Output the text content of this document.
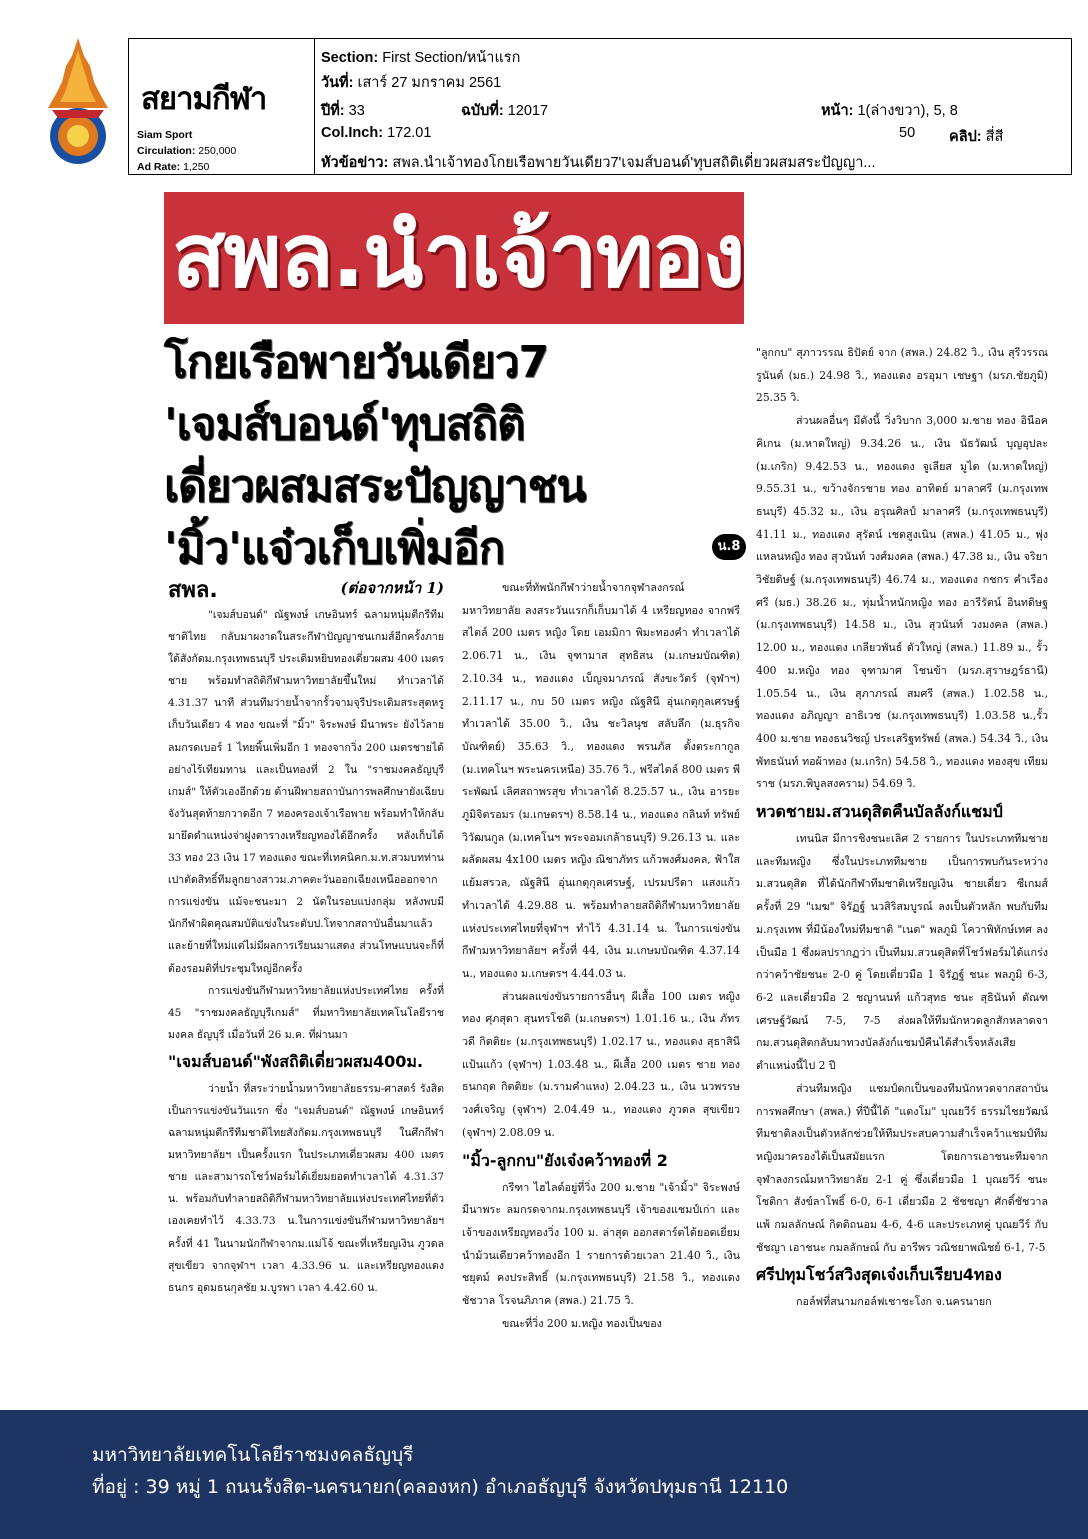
สยามกีฬา
Siam Sport
Circulation: 250,000
Ad Rate: 1,250
Section: First Section/หน้าแรก
วันที่: เสาร์ 27 มกราคม 2561
ปีที่: 33	ฉบับที่: 12017	หน้า: 1(ล่างขวา), 5, 8
Col.Inch: 172.01	50 คลิป: สี่สี
หัวข้อข่าว: สพล.นำเจ้าทองโกยเรือพายวันเดียว7'เจมส์บอนด์'ทุบสถิติเดี่ยวผสมสระปัญญา...
สพล.นำเจ้าทอง
โกยเรือพายวันเดียว7
'เจมส์บอนด์'ทุบสถิติ
เดี่ยวผสมสระปัญญาชน
'มิ้ว'แจ๋วเก็บเพิ่มอีก	น.8
สพล.	(ต่อจากหน้า 1)

"เจมส์บอนด์" ณัฐพงษ์ เกษอินทร์ ฉลามหนุ่มตีกรีทีมชาติไทย กลับมาผงาดในสระกีฬาปัญญาชนเกมส์อีกครั้งภายใต้สังกัดม.กรุงเทพธนบุรี ประเดิมหยิบทองเดี่ยวผสม 400 เมตรชาย พร้อมทำสถิติกีฬามหาวิทยาลัยขึ้นใหม่ ทำเวลาได้ 4.31.37 นาที ส่วนทีมว่ายน้ำจากรั้วจามจุรีประเดิมสระสุดหรูเก็บวันเดียว 4 ทอง ขณะที่ "มิ้ว" จิระพงษ์ มีนาพระ ยังไว้ลายลมกรดเบอร์ 1 ไทยพิ้นเพิ่มอีก 1 ทองจากวิ่ง 200 เมตรชายได้อย่างไร้เทียมทาน และเป็นทองที่ 2 ใน "ราชมงคลธัญบุรีเกมส์" ให้ตัวเองอีกด้วย ด้านฝีพายสถาบันการพลศึกษายังเฉียบจังวันสุดท้ายกวาดอีก 7 ทองครองเจ้าเรือพาย พร้อมทำให้กลับมายึดตำแหน่งจ่าฝูงตารางเหรียญทองได้อีกครั้ง หลังเก็บได้ 33 ทอง 23 เงิน 17 ทองแดง ขณะที่เทคนิคก.ม.ท.สวมบทท่านเปาตัดสิทธิ์ทีมลูกยางสาวม.ภาคตะวันออกเฉียงเหนือออกจากการแข่งขัน แม้จะชนะมา 2 นัดในรอบแบ่งกลุ่ม หลังพบมีนักกีฬาผิดคุณสมบัติแข่งในระดับป.โทจากสถาบันอื่นมาแล้ว และย้ายที่ใหม่แต่ไม่มีผลการเรียนมาแสดง ส่วนโทษแบนจะก็ที่ต้องรอมติที่ประชุมใหญ่อีกครั้ง

การแข่งขันกีฬามหาวิทยาลัยแห่งประเทศไทย ครั้งที่ 45 "ราชมงคลธัญบุรีเกมส์" ที่มหาวิทยาลัยเทคโนโลยีราชมงคล ธัญบุรี เมื่อวันที่ 26 ม.ค. ที่ผ่านมา

"เจมส์บอนด์"พังสถิติเดี่ยวผสม400ม.

ว่ายน้ำ ที่สระว่ายน้ำมหาวิทยาลัยธรรม-ศาสตร์ รังสิต เป็นการแข่งขันวันแรก ซึ่ง "เจมส์บอนด์" ณัฐพงษ์ เกษอินทร์ ฉลามหนุ่มตีกรีทีมชาติไทยสังกัดม.กรุงเทพธนบุรี ในศึกกีฬามหาวิทยาลัยฯ เป็นครั้งแรก ในประเภทเดี่ยวผสม 400 เมตรชาย และสามารถโชว์ฟอร์มได้เยี่ยมยอดทำเวลาได้ 4.31.37 น. พร้อมกับทำลายสถิติกีฬามหาวิทยาลัยแห่งประเทศไทยที่ตัวเองเคยทำไว้ 4.33.73 น.ในการแข่งขันกีฬามหาวิทยาลัยฯ ครั้งที่ 41 ในนามนักกีฬาจากม.แม่โจ้ ขณะที่เหรียญเงิน ภูวดล สุขเขียว จากจุฬาฯ เวลา 4.33.96 น. และเหรียญทองแดง ธนกร อุดมธนกุลชัย ม.บูรพา เวลา 4.42.60 น.

ขณะที่ทัพนักกีฬาว่ายน้ำจากจุฬาลงกรณ์มหาวิทยาลัย ลงสระวันแรกก็เก็บมาได้ 4 เหรียญทอง จากฟรีสไตล์ 200 เมตร หญิง โดย เอมมิกา พิมะทองคำ ทำเวลาได้ 2.06.71 น., เงิน จุฑามาส สุทธิสน (ม.เกษมบัณฑิต) 2.10.34 น., ทองแดง เบ็ญจมาภรณ์ สังขะวัตร์ (จุฬาฯ) 2.11.17 น., กบ 50 เมตร หญิง ณัฐสินี อุ่นเกตุกุลเศรษฐ์ ทำเวลาได้ 35.00 วิ., เงิน ชะวิลนุช สลับลึก (ม.ธุรกิจบัณฑิตย์) 35.63 วิ., ทองแดง พรนภัส ตั้งตระกากูล (ม.เทคโนฯ พระนครเหนือ) 35.76 วิ., ฟรีสไตล์ 800 เมตร พีระพัฒน์ เลิศสถาพรสุข ทำเวลาได้ 8.25.57 น., เงิน อารยะ ภูมิจิตรอมร (ม.เกษตรฯ) 8.58.14 น., ทองแดง กลินท์ ทรัพย์วิวัฒนกูล (ม.เทคโนฯ พระจอมเกล้าธนบุรี) 9.26.13 น. และผลัดผสม 4x100 เมตร หญิง ณิชาภัทร แก้วพงศ์มงคล, ฟ้าใส แย้มสรวล, ณัฐสินี อุ่นเกตุกุลเศรษฐ์, เปรมปรีดา แสงแก้ว ทำเวลาได้ 4.29.88 น. พร้อมทำลายสถิติกีฬามหาวิทยาลัยแห่งประเทศไทยที่จุฬาฯ ทำไว้ 4.31.14 น. ในการแข่งขันกีฬามหาวิทยาลัยฯ ครั้งที่ 44, เงิน ม.เกษมบัณฑิต 4.37.14 น., ทองแดง ม.เกษตรฯ 4.44.03 น.

ส่วนผลแข่งขันรายการอื่นๆ ผีเสื้อ 100 เมตร หญิง ทอง ศุภสุดา สุนทรโชติ (ม.เกษตรฯ) 1.01.16 น., เงิน ภัทรวดี กิตติยะ (ม.กรุงเทพธนบุรี) 1.02.17 น., ทองแดง สุธาสินี แป้นแก้ว (จุฬาฯ) 1.03.48 น., ผีเสื้อ 200 เมตร ชาย ทอง ธนกฤต กิตติยะ (ม.รามคำแหง) 2.04.23 น., เงิน นวพรรษ วงศ์เจริญ (จุฬาฯ) 2.04.49 น., ทองแดง ภูวดล สุขเขียว (จุฬาฯ) 2.08.09 น.

"มิ้ว-ลูกกบ"ยังเจ๋งคว้าทองที่ 2

กรีฑา ไฮไลต์อยู่ที่วิ่ง 200 ม.ชาย "เจ้ามิ้ว" จิระพงษ์ มีนาพระ ลมกรดจากม.กรุงเทพธนบุรี เจ้าของแชมป์เก่า และเจ้าของเหรียญทองวิ่ง 100 ม. ล่าสุด ออกสตาร์ตได้ยอดเยี่ยมนำม้วนเดียวคว้าทองอีก 1 รายการด้วยเวลา 21.40 วิ., เงิน ชยุตม์ คงประสิทธิ์ (ม.กรุงเทพธนบุรี) 21.58 วิ., ทองแดง ชัชวาล โรจนภิภาค (สพล.) 21.75 วิ.

ขณะที่วิ่ง 200 ม.หญิง ทองเป็นของ

"ลูกกบ" สุภาวรรณ ธิปัตย์ จาก (สพล.) 24.82 วิ., เงิน สุรีวรรณ รูนันต์ (มธ.) 24.98 วิ., ทองแดง อรอุมา เชษฐา (มรภ.ชัยภูมิ) 25.35 วิ.

ส่วนผลอื่นๆ มีดังนี้ วิ่งวิบาก 3,000 ม.ชาย ทอง อินือค คิเกน (ม.หาดใหญ่) 9.34.26 น., เงิน นัธวัฒน์ บุญอุปละ (ม.เกริก) 9.42.53 น., ทองแดง จูเลียส มูไต (ม.หาดใหญ่) 9.55.31 น., ขว้างจักรชาย ทอง อาทิตย์ มาลาศรี (ม.กรุงเทพธนบุรี) 45.32 ม., เงิน อรุณศิลป์ มาลาศรี (ม.กรุงเทพธนบุรี) 41.11 ม., ทองแดง สุรัตน์ เชตสูงเนิน (สพล.) 41.05 ม., พุ่งแหลนหญิง ทอง สุวนันท์ วงศ์มงคล (สพล.) 47.38 ม., เงิน จริยา วิชัยดิษฐ์ (ม.กรุงเทพธนบุรี) 46.74 ม., ทองแดง กชกร คำเรืองศรี (มธ.) 38.26 ม., ทุ่มน้ำหนักหญิง ทอง อารีรัตน์ อินทดิษฐ (ม.กรุงเทพธนบุรี) 14.58 ม., เงิน สุวนันท์ วงมงคล (สพล.) 12.00 ม., ทองแดง เกลียวพันธ์ ตัวใหญ่ (สพล.) 11.89 ม., รั้ว 400 ม.หญิง ทอง จุฑามาศ โชนข้า (มรภ.สุราษฎร์ธานี) 1.05.54 น., เงิน สุภาภรณ์ สมศรี (สพล.) 1.02.58 น., ทองแดง อภิญญา อาธิเวช (ม.กรุงเทพธนบุรี) 1.03.58 น.,รั้ว 400 ม.ชาย ทองธนวิชญ์ ประเสริฐทรัพย์ (สพล.) 54.34 วิ., เงิน พัทธนันท์ ทอผ้าทอง (ม.เกริก) 54.58 วิ., ทองแดง ทองสุข เทียมราช (มรภ.พิบูลสงคราม) 54.69 วิ.

หวดชายม.สวนดุสิตคืนบัลลังก์แชมป์

เทนนิส มีการชิงชนะเลิศ 2 รายการ ในประเภททีมชาย และทีมหญิง ซึ่งในประเภททีมชาย เป็นการพบกันระหว่าง ม.สวนดุสิต ที่ได้นักกีฬาทีมชาติเหรียญเงิน ชายเดี่ยว ซีเกมส์ ครั้งที่ 29 "เมฆ" จิรัฏฐ์ นวสิริสมบูรณ์ ลงเป็นตัวหลัก พบกับทีมม.กรุงเทพ ที่มีน้องใหม่ทีมชาติ "เนต" พลภูมิ โควาพิทักษ์เทศ ลงเป็นมือ 1 ซึ่งผลปรากฏว่า เป็นทีมม.สวนดุสิตที่โชว์ฟอร์มได้แกร่งกว่าคว้าชัยชนะ 2-0 คู่ โดยเดี่ยวมือ 1 จิรัฏฐ์ ชนะ พลภูมิ 6-3, 6-2 และเดี่ยวมือ 2 ชญานนท์ แก้วสุทธ ชนะ สุธินันท์ ตัณฑเศรษฐ์วัฒน์ 7-5, 7-5 ส่งผลให้ทีมนักหวดลูกสักหลาดจากม.สวนดุสิตกลับมาทวงบัลลังก์แชมป์คืนได้สำเร็จหลังเสียตำแหน่งนี้ไป 2 ปี

ส่วนทีมหญิง แชมป์ตกเป็นของทีมนักหวดจากสถาบันการพลศึกษา (สพล.) ที่ปีนี้ได้ "แตงโม" บุณยวีร์ ธรรมไชยวัฒน์ ทีมชาติลงเป็นตัวหลักช่วยให้ทีมประสบความสำเร็จคว้าแชมป์ทีมหญิงมาครองได้เป็นสมัยแรก โดยการเอาชนะทีมจากจุฬาลงกรณ์มหาวิทยาลัย 2-1 คู่ ซึ่งเดี่ยวมือ 1 บุณยวีร์ ชนะ โชติกา สังข์ลาโพธิ์ 6-0, 6-1 เดี่ยวมือ 2 ชัชชญา ศักดิ์ชัชวาล แพ้ กมลลักษณ์ กิตติถนอม 4-6, 4-6 และประเภทคู่ บุณยวีร์ กับ ชัชญา เอาชนะ กมลลักษณ์ กับ อารีพร วณิชยาพณิชย์ 6-1, 7-5

ศรีปทุมโชว์สวิงสุดเจ๋งเก็บเรียบ4ทอง

กอล์ฟที่สนามกอล์ฟเชาชะโงก จ.นครนายก

มหาวิทยาลัยเทคโนโลยีราชมงคลธัญบุรี
ที่อยู่ : 39 หมู่ 1 ถนนรังสิต-นครนายก(คลองหก) อำเภอธัญบุรี จังหวัดปทุมธานี 12110
